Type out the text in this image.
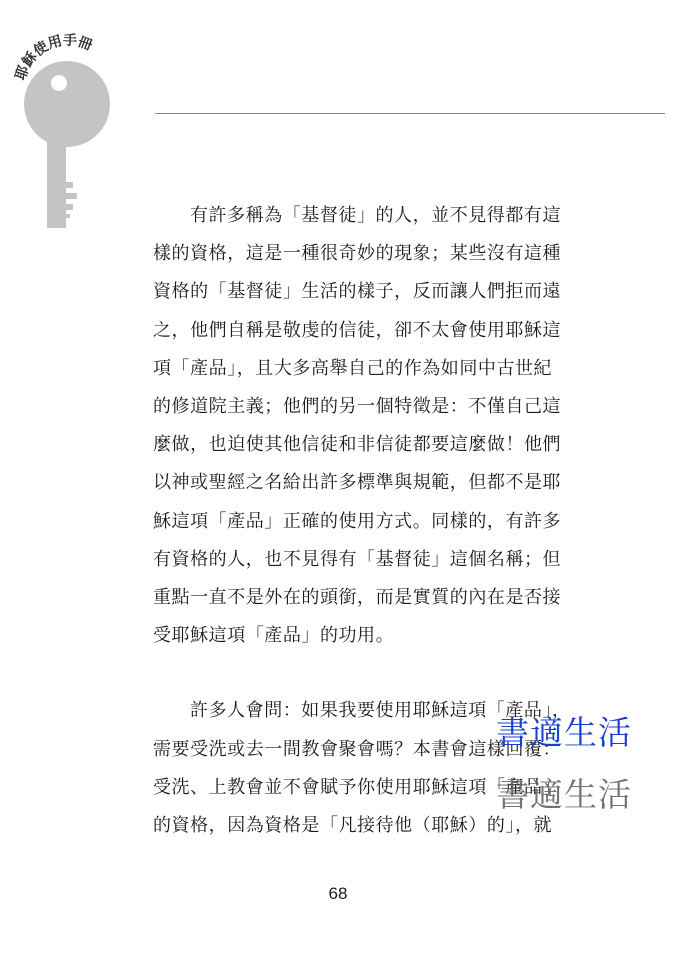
耶穌使用手冊

有許多稱為「基督徒」的人，並不見得都有這

樣的資格，這是一種很奇妙的現象；某些沒有這種

資格的「基督徒」生活的樣子，反而讓人們拒而遠

之，他們自稱是敬虔的信徒，卻不太會使用耶穌這

項「產品」，且大多高舉自己的作為如同中古世紀

的修道院主義；他們的另一個特徵是：不僅自己這

麼做，也迫使其他信徒和非信徒都要這麼做！他們

以神或聖經之名給出許多標準與規範，但都不是耶

穌這項「產品」正確的使用方式。同樣的，有許多

有資格的人，也不見得有「基督徒」這個名稱；但

重點一直不是外在的頭銜，而是實質的內在是否接

受耶穌這項「產品」的功用。

許多人會問：如果我要使用耶穌這項「產品」，

需要受洗或去一間教會聚會嗎？本書會這樣回覆：

受洗、上教會並不會賦予你使用耶穌這項「產品」

的資格，因為資格是「凡接待他（耶穌）的」，就

書適生活
書適生活
68
